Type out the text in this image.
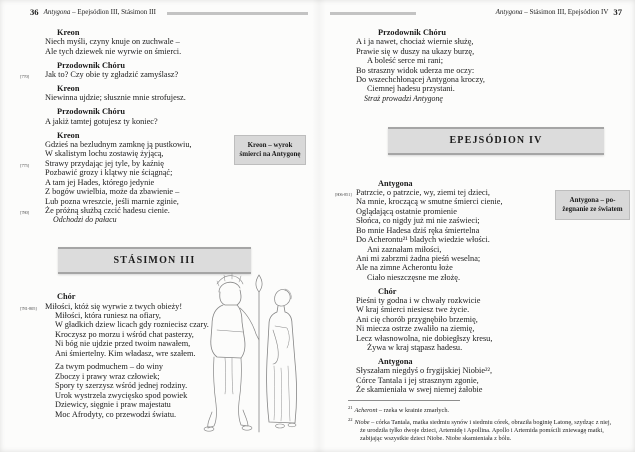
36 Antygona – Epejsódion III, Stásimon III
Kreon
Niech myśli, czyny knuje on zuchwale –
Ale tych dziewek nie wyrwie on śmierci.
Przodownik Chóru
[770] Jak to? Czy obie ty zgładzić zamyślasz?
Kreon
Niewinna ujdzie; słusznie mnie strofujesz.
Przodownik Chóru
A jakiż tamtej gotujesz ty koniec?
Kreon
Gdzieś na bezludnym zamknę ją pustkowiu,
W skalistym lochu zostawię żyjącą,
[775] Strawy przydając jej tyle, by kaźnię
Pozbawić grozy i klątwy nie ściągnąć;
A tam jej Hades, którego jedynie
Z bogów uwielbia, może da zbawienie –
Lub pozna wreszcie, jeśli marnie zginie,
[780] Że próżną służbą czcić hadesu cienie.
Odchodzi do pałacu
STÁSIMON III
Chór
[781-805] Miłości, któż się wyrwie z twych obieży!
Miłości, która runiesz na ofiary,
W gładkich dziew licach gdy rozniecisz czary.
Kroczysz po morzu i wśród chat pasterzy,
Ni bóg nie ujdzie przed twoim nawałem,
Ani śmiertelny. Kim władasz, wre szałem.
Za twym podmuchem – do winy
Zboczy i prawy wraz człowiek;
Spory ty szerzysz wśród jednej rodziny.
Urok wystrzela zwycięsko spod powiek
Dziewicy, sięgnie i praw majestatu
Moc Afrodyty, co przewodzi światu.
Kreon – wyrok śmierci na Antygonę
Antygona – Stásimon III, Epejsódion IV 37
Przodownik Chóru
A i ja nawet, chociaż wiernie służę,
Prawie się w duszy na ukazy burzę,
A boleść serce mi rani;
Bo straszny widok uderza me oczy:
Do wszechchłonącej Antygona kroczy,
Ciemnej hadesu przystani.
Straż prowadzi Antygonę
EPEJSÓDION IV
Antygona
[806-851] Patrzcie, o patrzcie, wy, ziemi tej dzieci,
Na mnie, kroczącą w smutne śmierci cienie,
Oglądającą ostatnie promienie
Słońca, co nigdy już mi nie zaświeci;
Bo mnie Hadesa dziś ręka śmiertelna
Do Acherontu²¹ bladych wiedzie włości.
Ani zaznałam miłości,
Ani mi zabrzmi żadna pieśń weselna;
Ale na zimne Acherontu łoże
Ciało nieszczęsne me złożę.
Chór
Pieśni ty godna i w chwały rozkwicie
W kraj śmierci niesiesz twe życie.
Ani cię chorób przygnębiło brzemię,
Ni miecza ostrze zwaliło na ziemię,
Lecz własnowolna, nie dobiegłszy kresu,
Żywa w kraj stąpasz hadesu.
Antygona
Słyszałam niegdyś o frygijskiej Niobie²²,
Córce Tantala i jej strasznym zgonie,
Że skamieniała w swej niemej żałobie
Antygona – pożegnanie ze światem
$^{21}$ Acheront – rzeka w krainie zmarłych.
$^{22}$ Niobe – córka Tantala, matka siedmiu synów i siedmiu córek, obraziła boginię Latonę, szydząc z niej, że urodziła tylko dwoje dzieci, Artemidę i Apollina. Apollo i Artemida pomścili zniewagę matki, zabijając wszystkie dzieci Niobe. Niobe skamieniała z bólu.
